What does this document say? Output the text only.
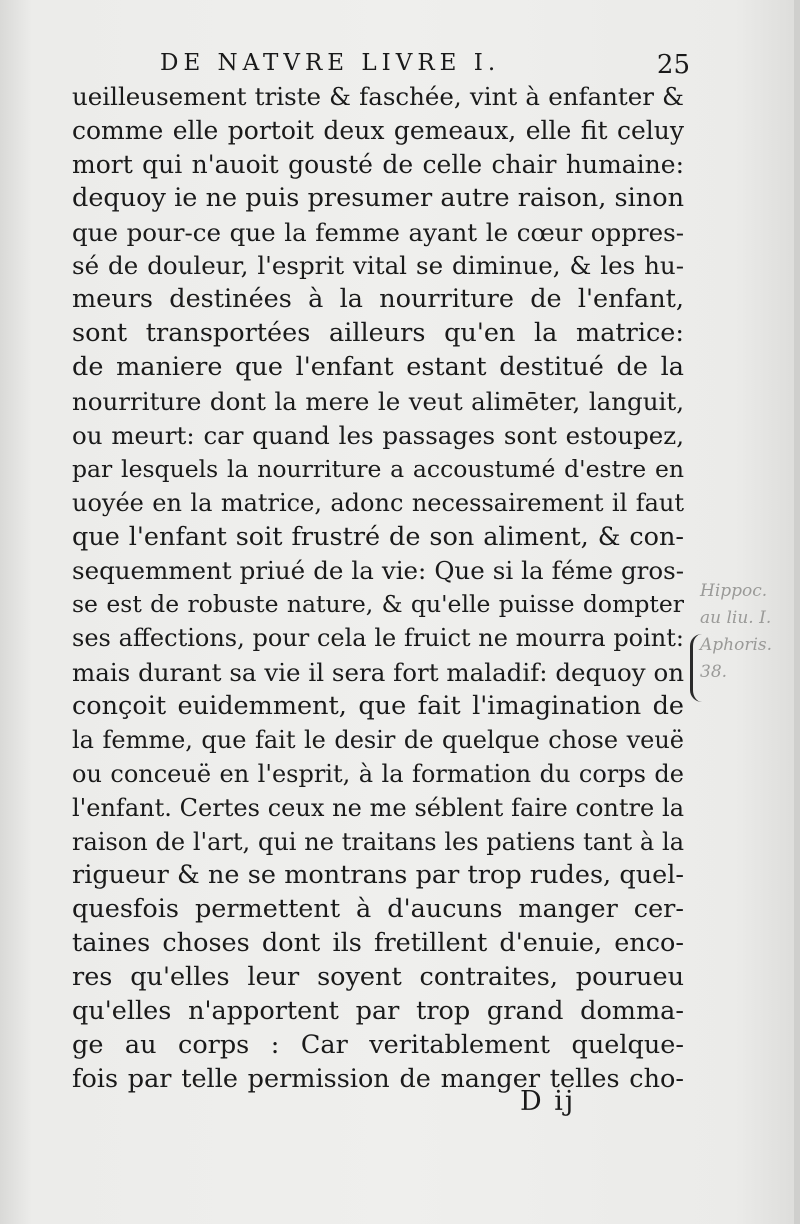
DE NATVRE LIVRE I.	25
ueilleusement triste & faschée, vint à enfanter &
comme elle portoit deux gemeaux, elle fit celuy
mort qui n'auoit gousté de celle chair humaine:
dequoy ie ne puis presumer autre raison, sinon
que pour-ce que la femme ayant le cœur oppres-
sé de douleur, l'esprit vital se diminue, & les hu-
meurs destinées à la nourriture de l'enfant,
sont transportées ailleurs qu'en la matrice:
de maniere que l'enfant estant destitué de la
nourriture dont la mere le veut alimēter, languit,
ou meurt: car quand les passages sont estoupez,
par lesquels la nourriture a accoustumé d'estre en
uoyée en la matrice, adonc necessairement il faut
que l'enfant soit frustré de son aliment, & con-
sequemment priué de la vie: Que si la féme gros-
se est de robuste nature, & qu'elle puisse dompter
ses affections, pour cela le fruict ne mourra point:
mais durant sa vie il sera fort maladif: dequoy on
conçoit euidemment, que fait l'imagination de
la femme, que fait le desir de quelque chose veuë
ou conceuë en l'esprit, à la formation du corps de
l'enfant. Certes ceux ne me séblent faire contre la
raison de l'art, qui ne traitans les patiens tant à la
rigueur & ne se montrans par trop rudes, quel-
quesfois permettent à d'aucuns manger cer-
taines choses dont ils fretillent d'enuie, enco-
res qu'elles leur soyent contraites, pourueu
qu'elles n'apportent par trop grand domma-
ge au corps : Car veritablement quelque-
fois par telle permission de manger telles cho-
Hippoc.
au liu. I.
Aphoris.
38.
D ij
